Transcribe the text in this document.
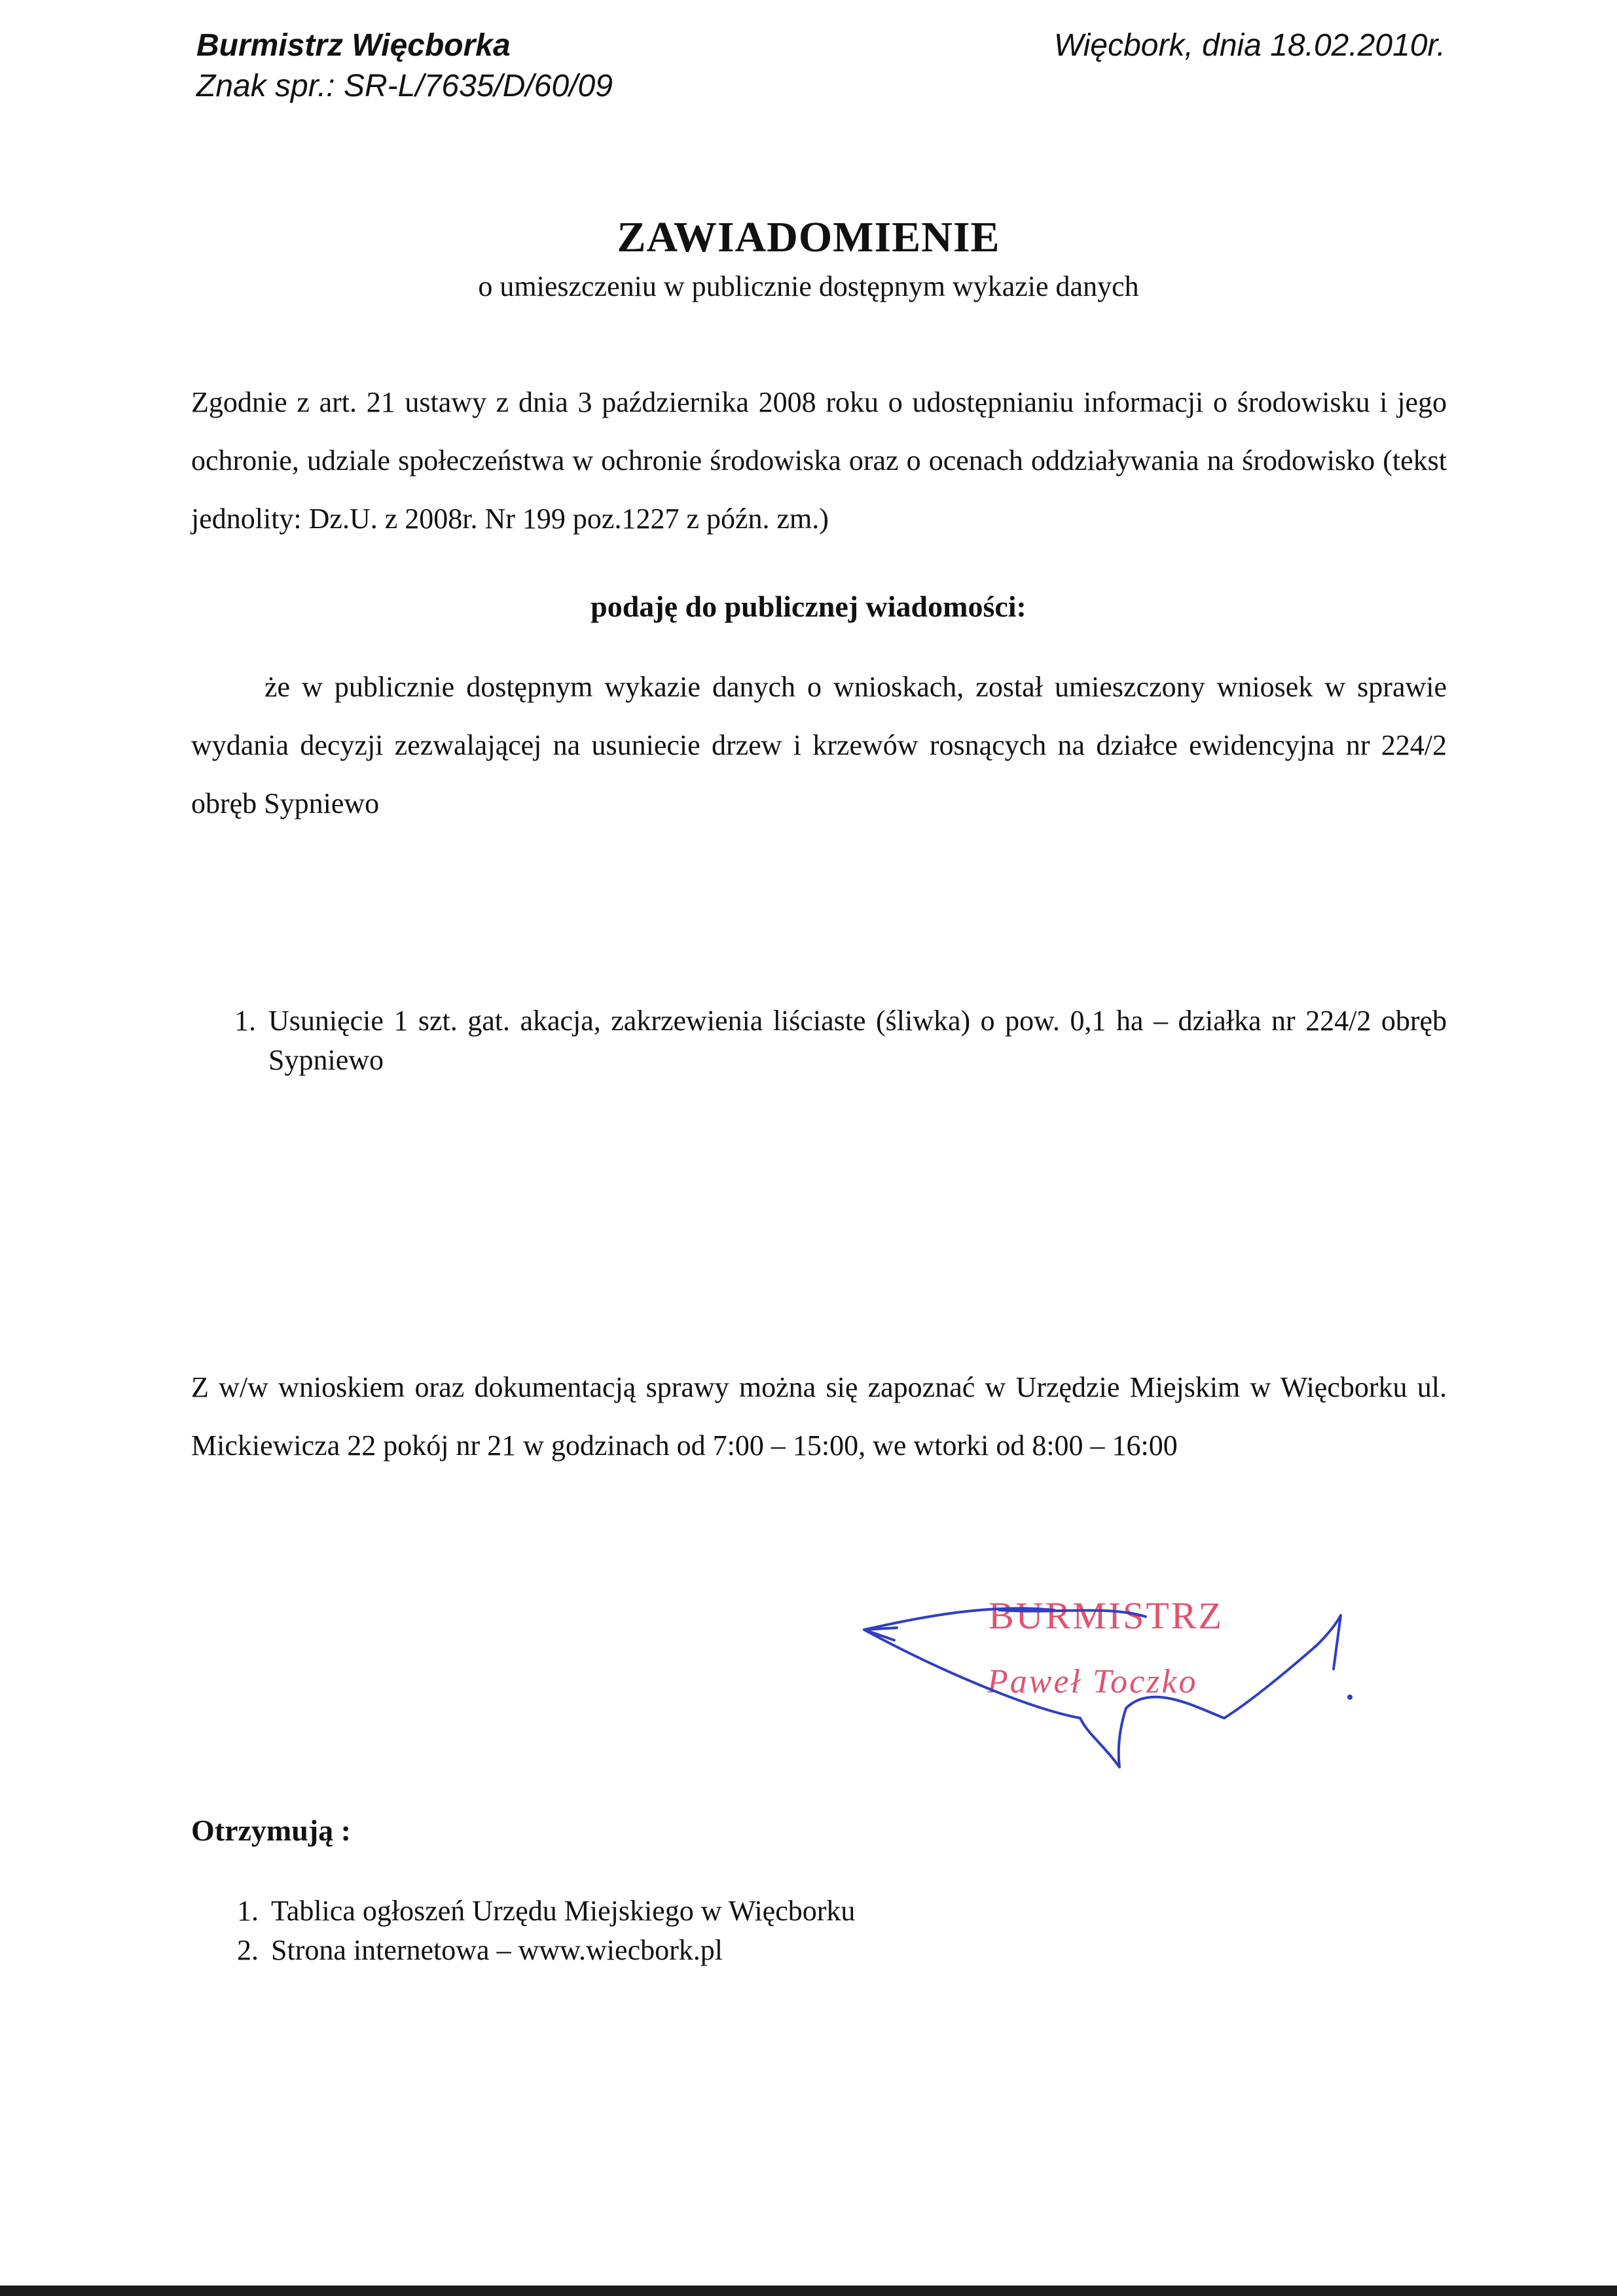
Burmistrz Więcborka
Znak spr.: SR-L/7635/D/60/09
Więcbork, dnia 18.02.2010r.
ZAWIADOMIENIE
o umieszczeniu w publicznie dostępnym wykazie danych
Zgodnie z art. 21 ustawy z dnia 3 października 2008 roku o udostępnianiu informacji o środowisku i jego ochronie, udziale społeczeństwa w ochronie środowiska oraz o ocenach oddziaływania na środowisko (tekst jednolity: Dz.U. z 2008r. Nr 199 poz.1227 z późn. zm.)
podaję do publicznej wiadomości:
że w publicznie dostępnym wykazie danych o wnioskach, został umieszczony wniosek w sprawie wydania decyzji zezwalającej na usuniecie drzew i krzewów rosnących na działce ewidencyjna nr 224/2 obręb Sypniewo
1. Usunięcie 1 szt. gat. akacja, zakrzewienia liściaste (śliwka) o pow. 0,1 ha – działka nr 224/2 obręb Sypniewo
Z w/w wnioskiem oraz dokumentacją sprawy można się zapoznać w Urzędzie Miejskim w Więcborku ul. Mickiewicza 22 pokój nr 21 w godzinach od 7:00 – 15:00, we wtorki od 8:00 – 16:00
BURMISTRZ
Paweł Toczko
Otrzymują :
1. Tablica ogłoszeń Urzędu Miejskiego w Więcborku
2. Strona internetowa – www.wiecbork.pl
